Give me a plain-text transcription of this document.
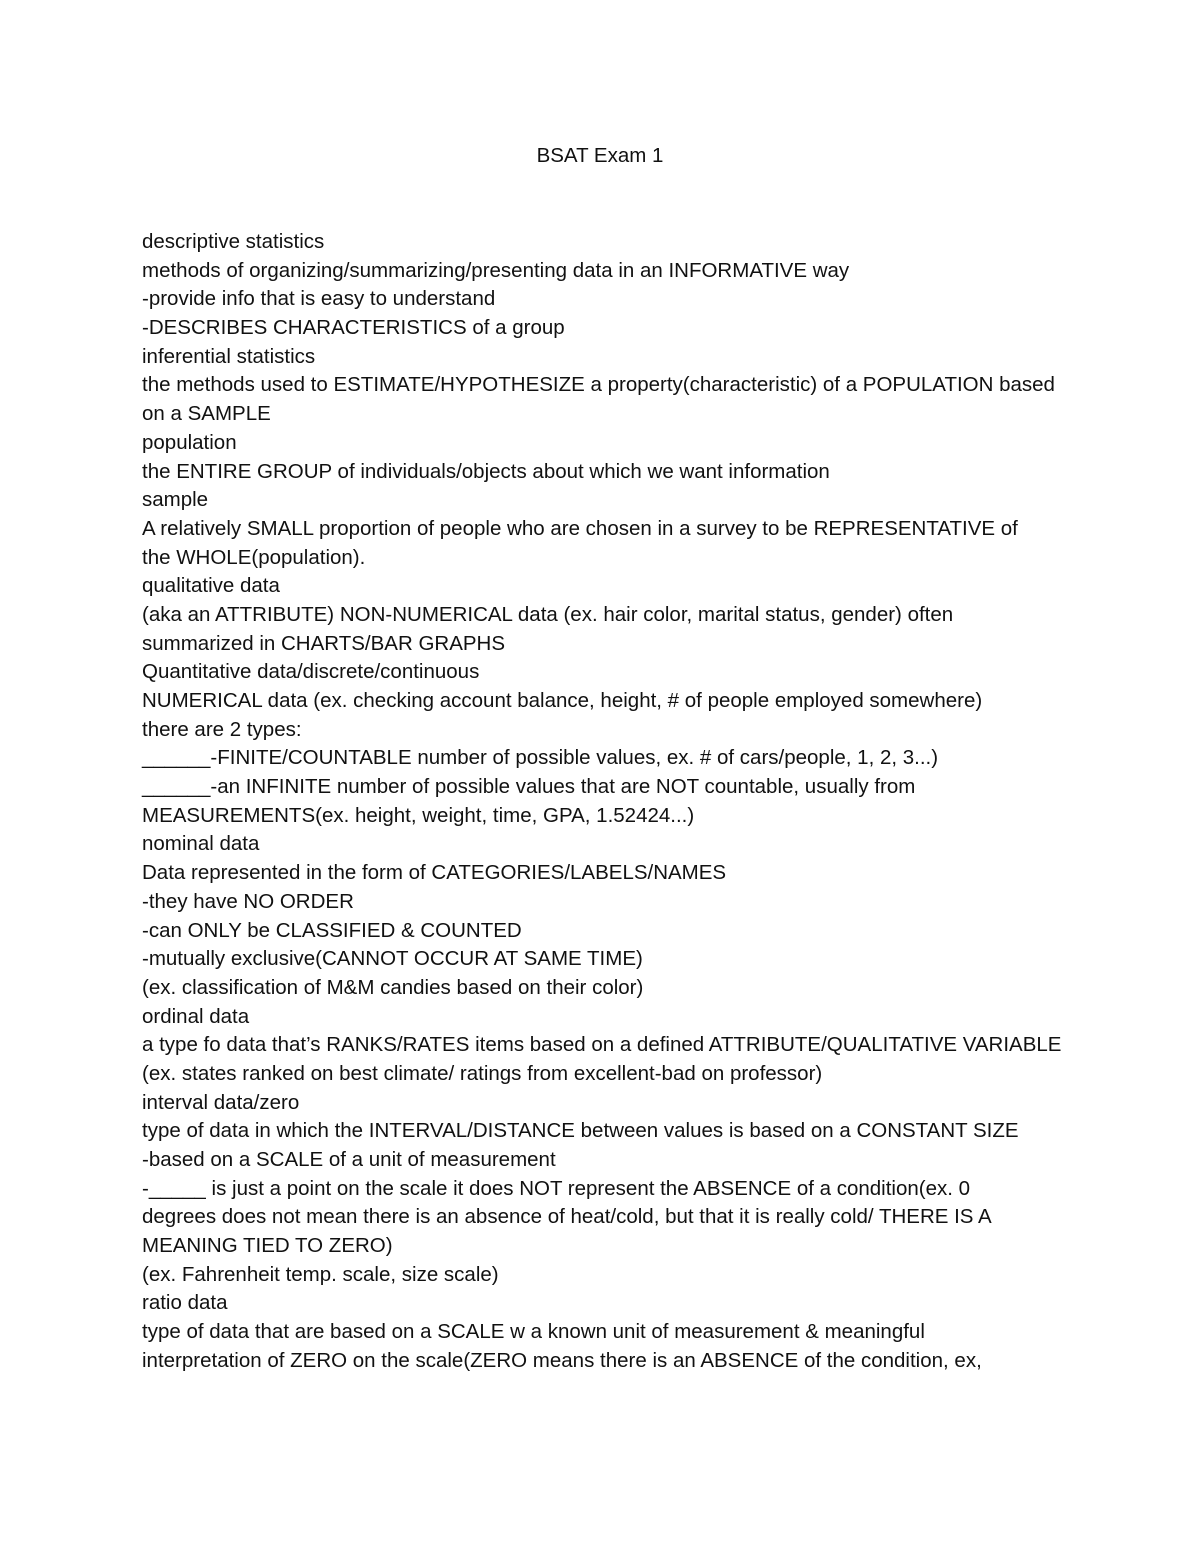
BSAT Exam 1

descriptive statistics

methods of organizing/summarizing/presenting data in an INFORMATIVE way

-provide info that is easy to understand

-DESCRIBES CHARACTERISTICS of a group

inferential statistics

the methods used to ESTIMATE/HYPOTHESIZE a property(characteristic) of a POPULATION based

on a SAMPLE

population

the ENTIRE GROUP of individuals/objects about which we want information

sample

A relatively SMALL proportion of people who are chosen in a survey to be REPRESENTATIVE of

the WHOLE(population).

qualitative data

(aka an ATTRIBUTE) NON-NUMERICAL data (ex. hair color, marital status, gender) often

summarized in CHARTS/BAR GRAPHS

Quantitative data/discrete/continuous

NUMERICAL data (ex. checking account balance, height, # of people employed somewhere)

there are 2 types:

______-FINITE/COUNTABLE number of possible values, ex. # of cars/people, 1, 2, 3...)

______-an INFINITE number of possible values that are NOT countable, usually from

MEASUREMENTS(ex. height, weight, time, GPA, 1.52424...)

nominal data

Data represented in the form of CATEGORIES/LABELS/NAMES

-they have NO ORDER

-can ONLY be CLASSIFIED & COUNTED

-mutually exclusive(CANNOT OCCUR AT SAME TIME)

(ex. classification of M&M candies based on their color)

ordinal data

a type fo data that’s RANKS/RATES items based on a defined ATTRIBUTE/QUALITATIVE VARIABLE

(ex. states ranked on best climate/ ratings from excellent-bad on professor)

interval data/zero

type of data in which the INTERVAL/DISTANCE between values is based on a CONSTANT SIZE

-based on a SCALE of a unit of measurement

-_____ is just a point on the scale it does NOT represent the ABSENCE of a condition(ex. 0

degrees does not mean there is an absence of heat/cold, but that it is really cold/ THERE IS A

MEANING TIED TO ZERO)

(ex. Fahrenheit temp. scale, size scale)

ratio data

type of data that are based on a SCALE w a known unit of measurement & meaningful

interpretation of ZERO on the scale(ZERO means there is an ABSENCE of the condition, ex,
